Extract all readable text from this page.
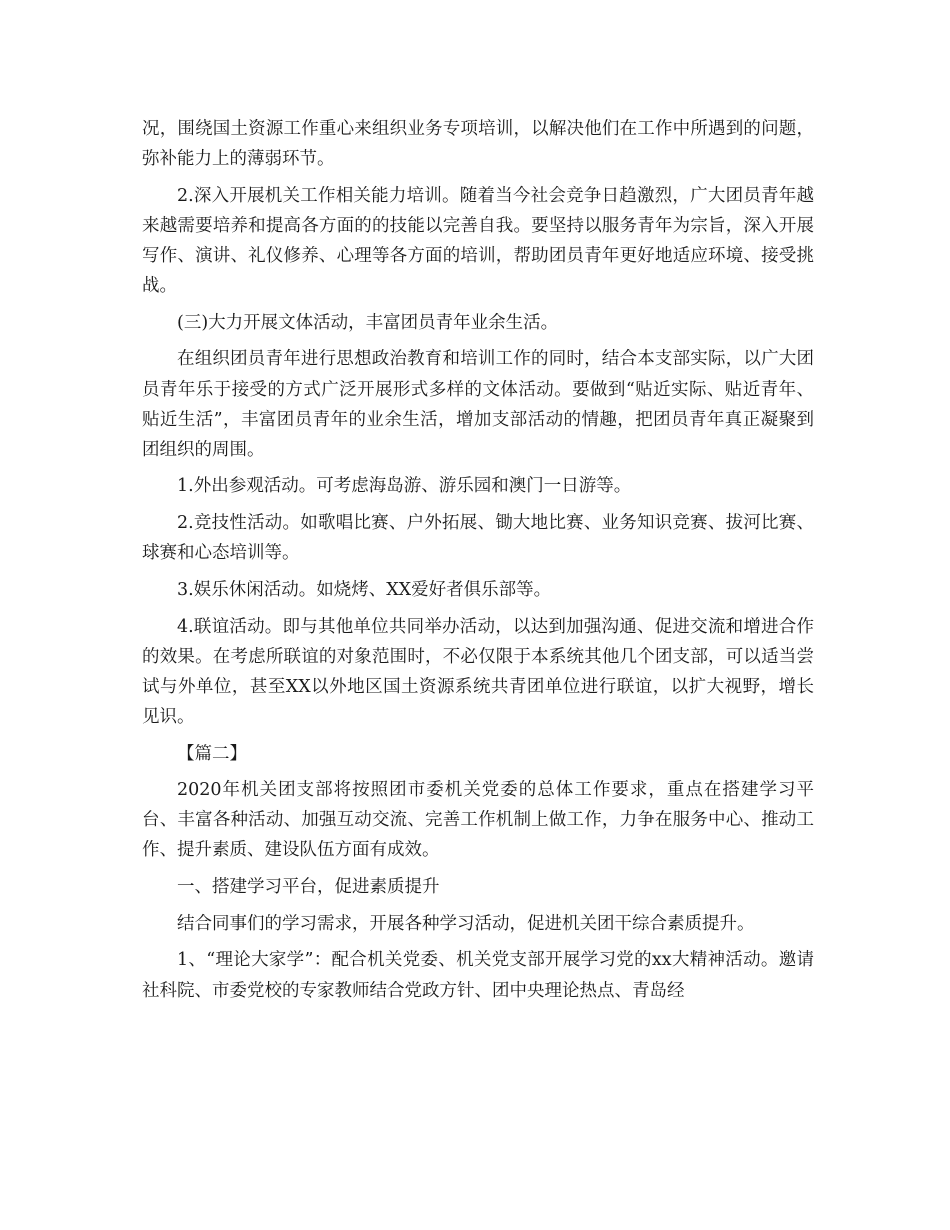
况，围绕国土资源工作重心来组织业务专项培训，以解决他们在工作中所遇到的问题，弥补能力上的薄弱环节。

2.深入开展机关工作相关能力培训。随着当今社会竞争日趋激烈，广大团员青年越来越需要培养和提高各方面的的技能以完善自我。要坚持以服务青年为宗旨，深入开展写作、演讲、礼仪修养、心理等各方面的培训，帮助团员青年更好地适应环境、接受挑战。

(三)大力开展文体活动，丰富团员青年业余生活。

在组织团员青年进行思想政治教育和培训工作的同时，结合本支部实际，以广大团员青年乐于接受的方式广泛开展形式多样的文体活动。要做到“贴近实际、贴近青年、贴近生活”，丰富团员青年的业余生活，增加支部活动的情趣，把团员青年真正凝聚到团组织的周围。

1.外出参观活动。可考虑海岛游、游乐园和澳门一日游等。

2.竞技性活动。如歌唱比赛、户外拓展、锄大地比赛、业务知识竞赛、拔河比赛、球赛和心态培训等。

3.娱乐休闲活动。如烧烤、XX爱好者俱乐部等。

4.联谊活动。即与其他单位共同举办活动，以达到加强沟通、促进交流和增进合作的效果。在考虑所联谊的对象范围时，不必仅限于本系统其他几个团支部，可以适当尝试与外单位，甚至XX以外地区国土资源系统共青团单位进行联谊，以扩大视野，增长见识。

【篇二】

2020年机关团支部将按照团市委机关党委的总体工作要求，重点在搭建学习平台、丰富各种活动、加强互动交流、完善工作机制上做工作，力争在服务中心、推动工作、提升素质、建设队伍方面有成效。

一、搭建学习平台，促进素质提升

结合同事们的学习需求，开展各种学习活动，促进机关团干综合素质提升。

1、“理论大家学”：配合机关党委、机关党支部开展学习党的xx大精神活动。邀请社科院、市委党校的专家教师结合党政方针、团中央理论热点、青岛经
